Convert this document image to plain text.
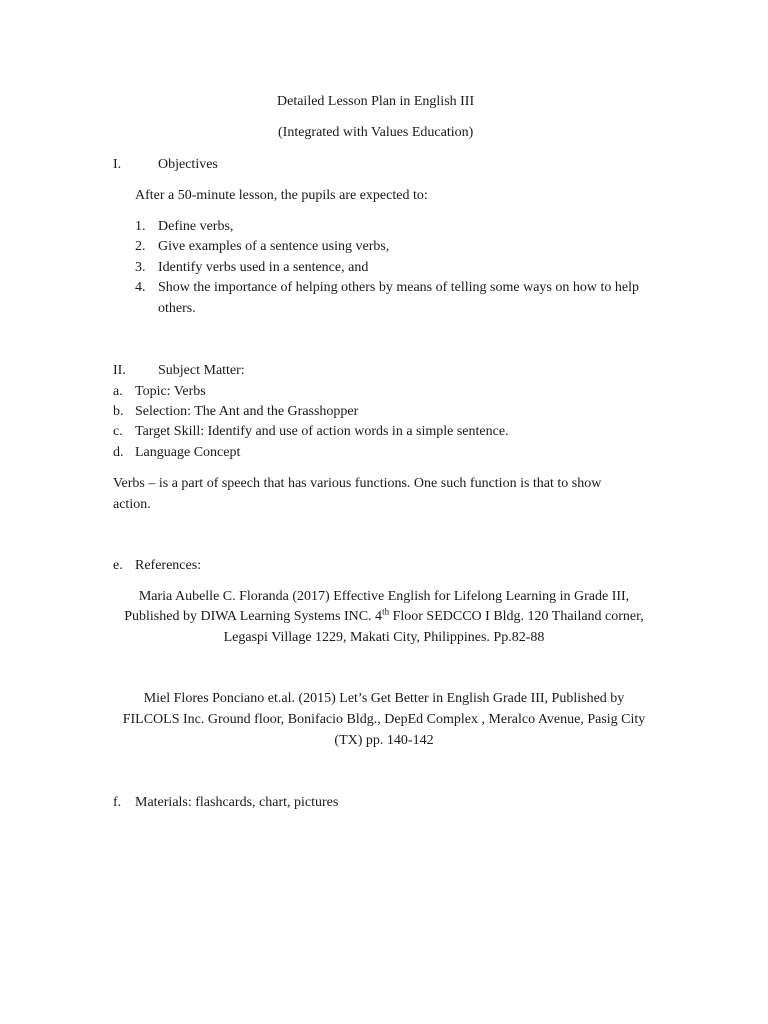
Detailed Lesson Plan in English III
(Integrated with Values Education)
I.	Objectives
After a 50-minute lesson, the pupils are expected to:
1. Define verbs,
2. Give examples of a sentence using verbs,
3. Identify verbs used in a sentence, and
4. Show the importance of helping others by means of telling some ways on how to help
others.
II. Subject Matter:
a. Topic: Verbs
b. Selection: The Ant and the Grasshopper
c. Target Skill: Identify and use of action words in a simple sentence.
d. Language Concept
Verbs – is a part of speech that has various functions. One such function is that to show
action.
e. References:
Maria Aubelle C. Floranda (2017) Effective English for Lifelong Learning in Grade III,
Published by DIWA Learning Systems INC. 4th Floor SEDCCO I Bldg. 120 Thailand corner,
Legaspi Village 1229, Makati City, Philippines. Pp.82-88
Miel Flores Ponciano et.al. (2015) Let’s Get Better in English Grade III, Published by
FILCOLS Inc. Ground floor, Bonifacio Bldg., DepEd Complex , Meralco Avenue, Pasig City
(TX) pp. 140-142
f. Materials: flashcards, chart, pictures
